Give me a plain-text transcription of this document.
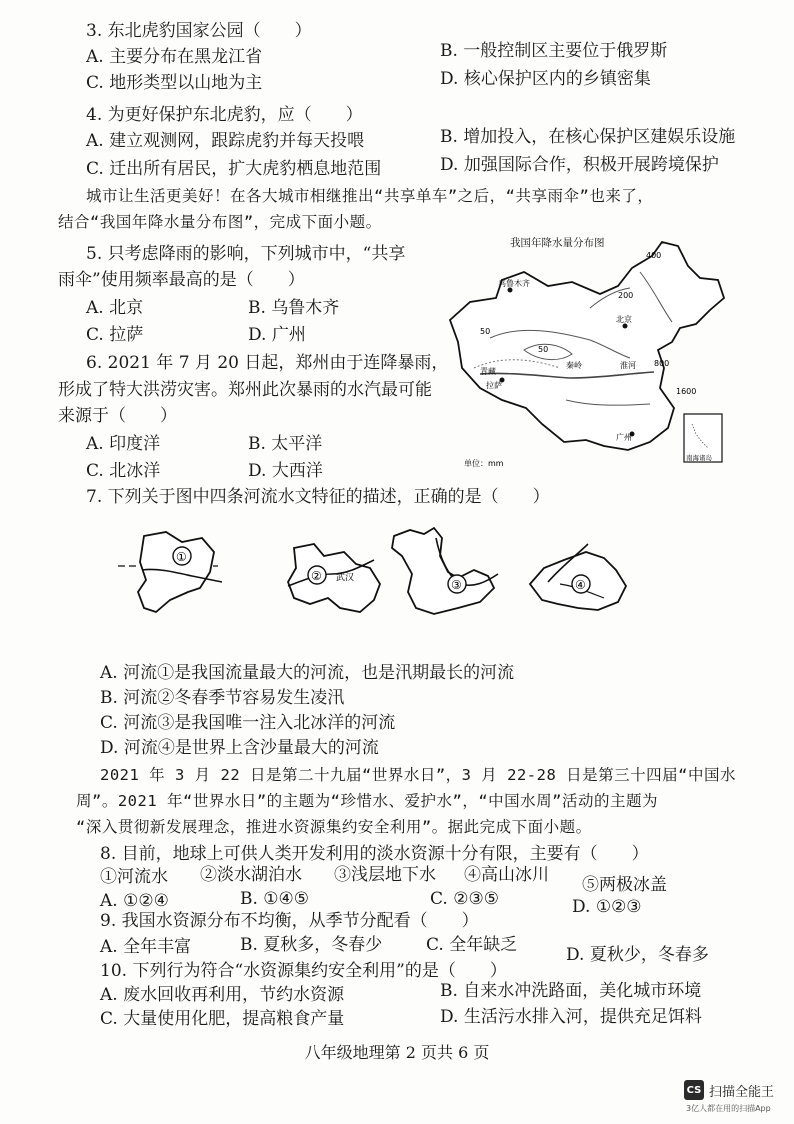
3. 东北虎豹国家公园（　　）
A. 主要分布在黑龙江省	B. 一般控制区主要位于俄罗斯
C. 地形类型以山地为主	D. 核心保护区内的乡镇密集
4. 为更好保护东北虎豹，应（　　）
A. 建立观测网，跟踪虎豹并每天投喂	B. 增加投入，在核心保护区建娱乐设施
C. 迁出所有居民，扩大虎豹栖息地范围	D. 加强国际合作，积极开展跨境保护
城市让生活更美好！在各大城市相继推出“共享单车”之后，“共享雨伞”也来了，
结合“我国年降水量分布图”，完成下面小题。
5. 只考虑降雨的影响，下列城市中，“共享
雨伞”使用频率最高的是（　　）
A. 北京	B. 乌鲁木齐
C. 拉萨	D. 广州
6. 2021 年 7 月 20 日起，郑州由于连降暴雨，
形成了特大洪涝灾害。郑州此次暴雨的水汽最可能
来源于（　　）
A. 印度洋	B. 太平洋
C. 北冰洋	D. 大西洋
我国年降水量分布图
乌鲁木齐
北京
青藏
拉萨
秦岭	淮河
广州
400
200
50
50
800
1600
南海诸岛
单位：mm
7. 下列关于图中四条河流水文特征的描述，正确的是（　　）
①
② 武汉	③	④
A. 河流①是我国流量最大的河流，也是汛期最长的河流
B. 河流②冬春季节容易发生凌汛
C. 河流③是我国唯一注入北冰洋的河流
D. 河流④是世界上含沙量最大的河流
2021 年 3 月 22 日是第二十九届“世界水日”，3 月 22-28 日是第三十四届“中国水
周”。2021 年“世界水日”的主题为“珍惜水、爱护水”，“中国水周”活动的主题为
“深入贯彻新发展理念，推进水资源集约安全利用”。据此完成下面小题。
8. 目前，地球上可供人类开发利用的淡水资源十分有限，主要有（　　）
①河流水 ②淡水湖泊水 ③浅层地下水 ④高山冰川 ⑤两极冰盖
A. ①②④	B. ①④⑤	C. ②③⑤	D. ①②③
9. 我国水资源分布不均衡，从季节分配看（　　）
A. 全年丰富	B. 夏秋多，冬春少	C. 全年缺乏	D. 夏秋少，冬春多
10. 下列行为符合“水资源集约安全利用”的是（　　）
A. 废水回收再利用，节约水资源	B. 自来水冲洗路面，美化城市环境
C. 大量使用化肥，提高粮食产量	D. 生活污水排入河，提供充足饵料
八年级地理第 2 页共 6 页
CS 扫描全能王
3亿人都在用的扫描App
